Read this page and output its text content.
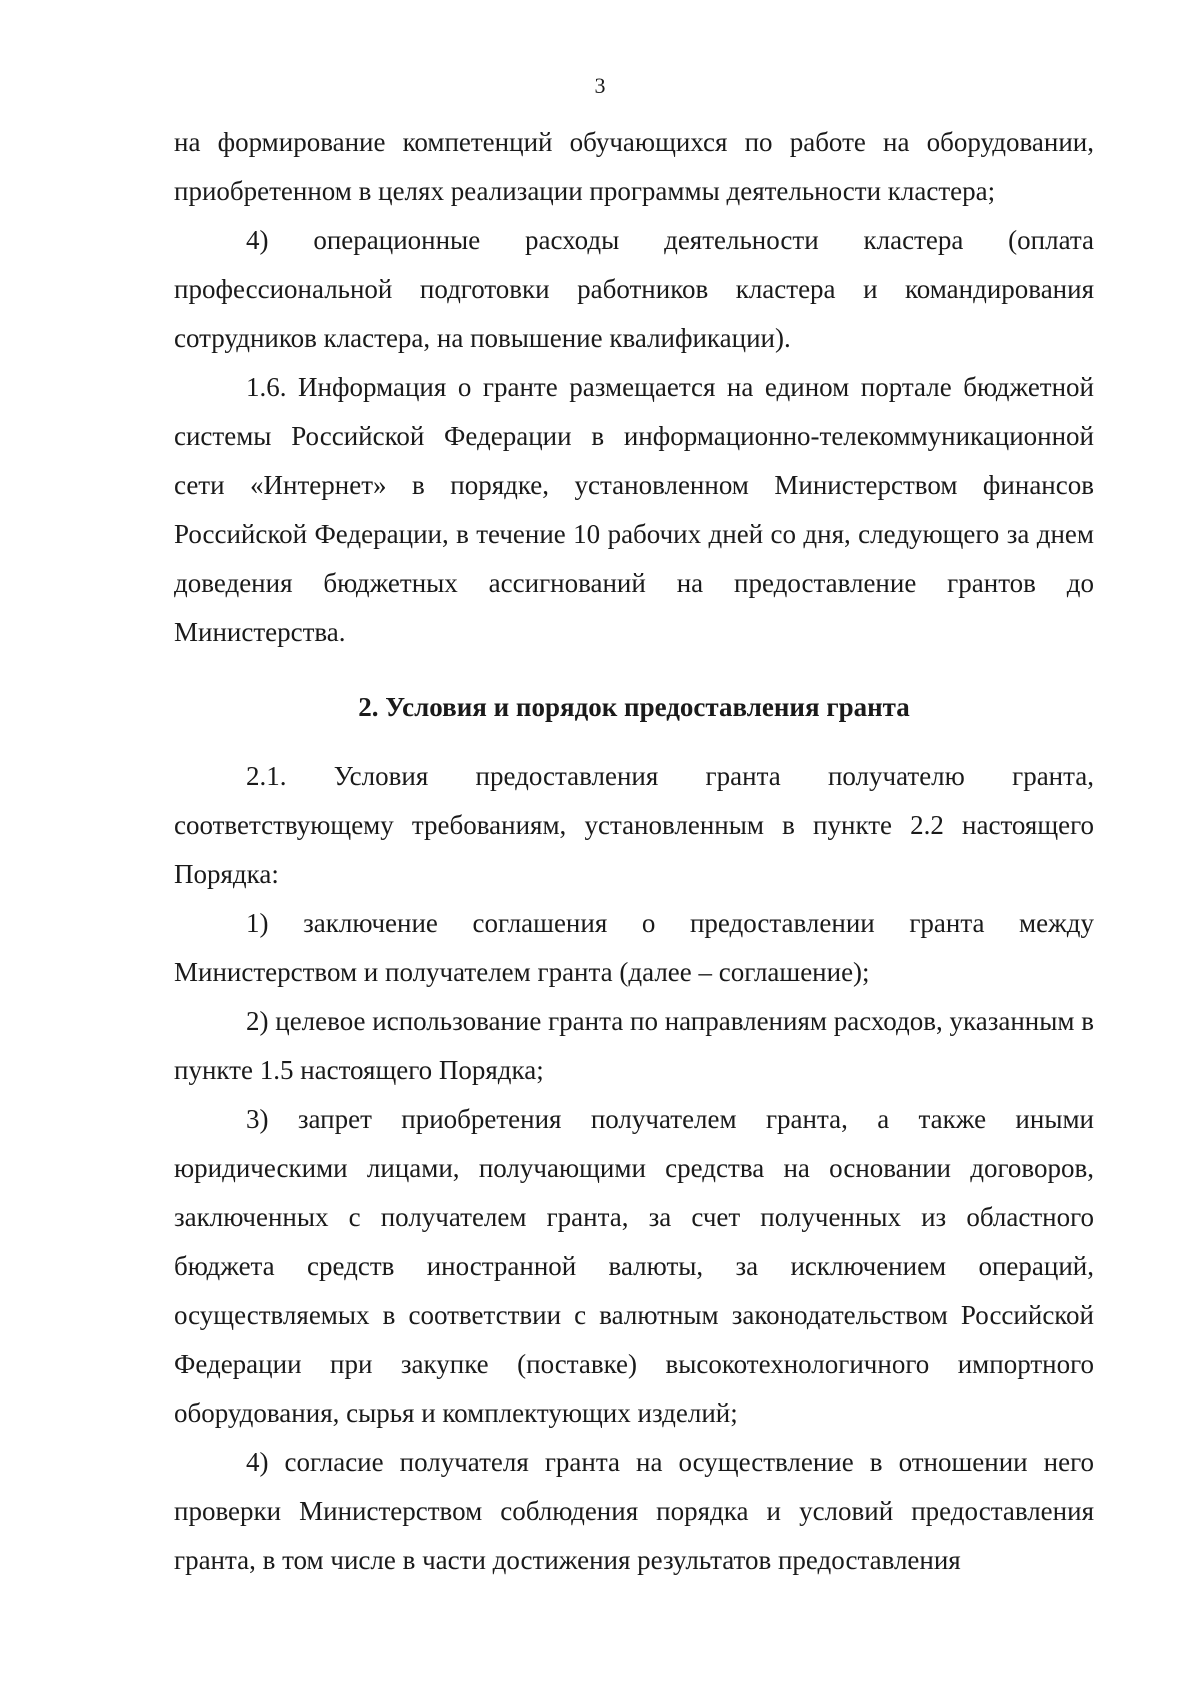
3

на формирование компетенций обучающихся по работе на оборудовании, приобретенном в целях реализации программы деятельности кластера;

4) операционные расходы деятельности кластера (оплата профессиональной подготовки работников кластера и командирования сотрудников кластера, на повышение квалификации).

1.6. Информация о гранте размещается на едином портале бюджетной системы Российской Федерации в информационно-телекоммуникационной сети «Интернет» в порядке, установленном Министерством финансов Российской Федерации, в течение 10 рабочих дней со дня, следующего за днем доведения бюджетных ассигнований на предоставление грантов до Министерства.

2. Условия и порядок предоставления гранта

2.1. Условия предоставления гранта получателю гранта, соответствующему требованиям, установленным в пункте 2.2 настоящего Порядка:

1) заключение соглашения о предоставлении гранта между Министерством и получателем гранта (далее – соглашение);

2) целевое использование гранта по направлениям расходов, указанным в пункте 1.5 настоящего Порядка;

3) запрет приобретения получателем гранта, а также иными юридическими лицами, получающими средства на основании договоров, заключенных с получателем гранта, за счет полученных из областного бюджета средств иностранной валюты, за исключением операций, осуществляемых в соответствии с валютным законодательством Российской Федерации при закупке (поставке) высокотехнологичного импортного оборудования, сырья и комплектующих изделий;

4) согласие получателя гранта на осуществление в отношении него проверки Министерством соблюдения порядка и условий предоставления гранта, в том числе в части достижения результатов предоставления
